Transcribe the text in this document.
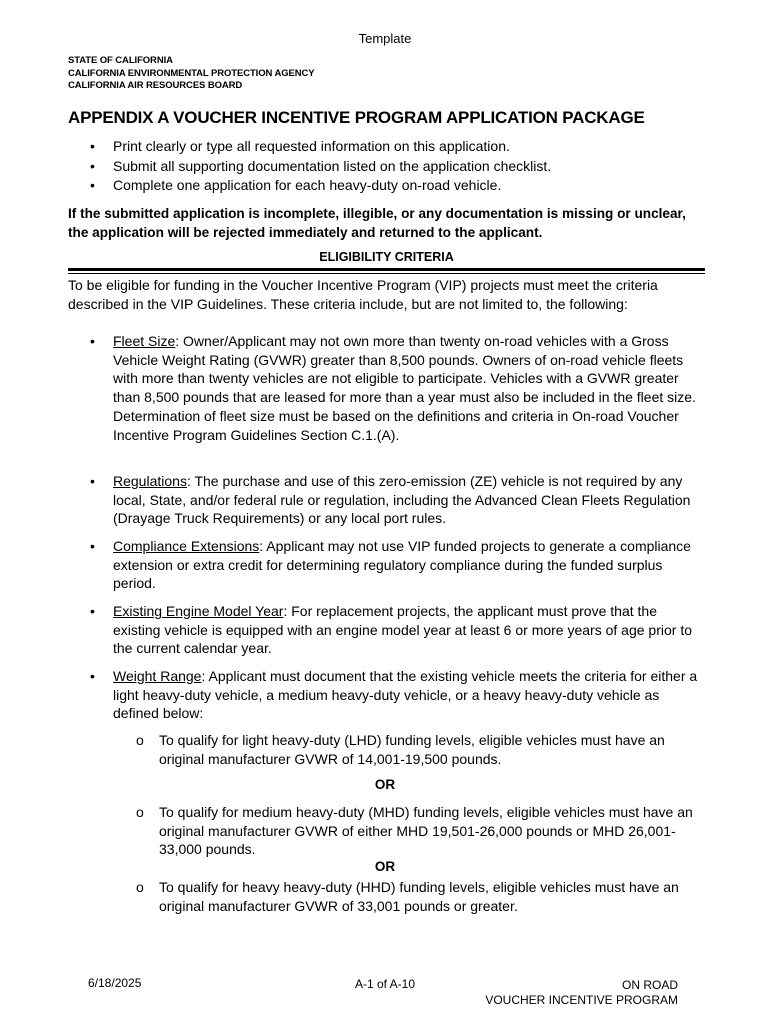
Template
STATE OF CALIFORNIA
CALIFORNIA ENVIRONMENTAL PROTECTION AGENCY
CALIFORNIA AIR RESOURCES BOARD
APPENDIX A VOUCHER INCENTIVE PROGRAM APPLICATION PACKAGE
• Print clearly or type all requested information on this application.
• Submit all supporting documentation listed on the application checklist.
• Complete one application for each heavy-duty on-road vehicle.
If the submitted application is incomplete, illegible, or any documentation is missing or unclear, the application will be rejected immediately and returned to the applicant.
ELIGIBILITY CRITERIA
To be eligible for funding in the Voucher Incentive Program (VIP) projects must meet the criteria described in the VIP Guidelines. These criteria include, but are not limited to, the following:
• Fleet Size: Owner/Applicant may not own more than twenty on-road vehicles with a Gross Vehicle Weight Rating (GVWR) greater than 8,500 pounds. Owners of on-road vehicle fleets with more than twenty vehicles are not eligible to participate. Vehicles with a GVWR greater than 8,500 pounds that are leased for more than a year must also be included in the fleet size. Determination of fleet size must be based on the definitions and criteria in On-road Voucher Incentive Program Guidelines Section C.1.(A).
• Regulations: The purchase and use of this zero-emission (ZE) vehicle is not required by any local, State, and/or federal rule or regulation, including the Advanced Clean Fleets Regulation (Drayage Truck Requirements) or any local port rules.
• Compliance Extensions: Applicant may not use VIP funded projects to generate a compliance extension or extra credit for determining regulatory compliance during the funded surplus period.
• Existing Engine Model Year: For replacement projects, the applicant must prove that the existing vehicle is equipped with an engine model year at least 6 or more years of age prior to the current calendar year.
• Weight Range: Applicant must document that the existing vehicle meets the criteria for either a light heavy-duty vehicle, a medium heavy-duty vehicle, or a heavy heavy-duty vehicle as defined below:
o To qualify for light heavy-duty (LHD) funding levels, eligible vehicles must have an original manufacturer GVWR of 14,001-19,500 pounds.
OR
o To qualify for medium heavy-duty (MHD) funding levels, eligible vehicles must have an original manufacturer GVWR of either MHD 19,501-26,000 pounds or MHD 26,001-33,000 pounds.
OR
o To qualify for heavy heavy-duty (HHD) funding levels, eligible vehicles must have an original manufacturer GVWR of 33,001 pounds or greater.
6/18/2025	A-1 of A-10	ON ROAD
VOUCHER INCENTIVE PROGRAM
